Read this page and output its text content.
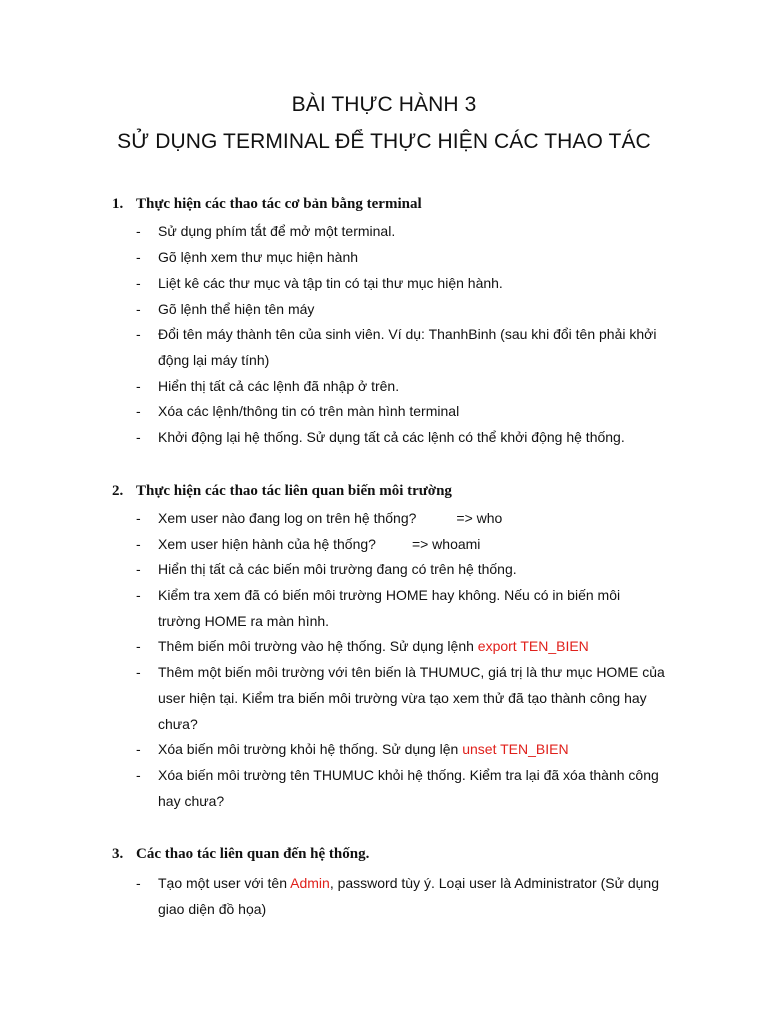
BÀI THỰC HÀNH 3
SỬ DỤNG TERMINAL ĐỂ THỰC HIỆN CÁC THAO TÁC
1. Thực hiện các thao tác cơ bản bằng terminal
- Sử dụng phím tắt để mở một terminal.
- Gõ lệnh xem thư mục hiện hành
- Liệt kê các thư mục và tập tin có tại thư mục hiện hành.
- Gõ lệnh thể hiện tên máy
- Đổi tên máy thành tên của sinh viên. Ví dụ: ThanhBinh (sau khi đổi tên phải khởi động lại máy tính)
- Hiển thị tất cả các lệnh đã nhập ở trên.
- Xóa các lệnh/thông tin có trên màn hình terminal
- Khởi động lại hệ thống. Sử dụng tất cả các lệnh có thể khởi động hệ thống.
2. Thực hiện các thao tác liên quan biến môi trường
- Xem user nào đang log on trên hệ thống?	=> who
- Xem user hiện hành của hệ thống?	=> whoami
- Hiển thị tất cả các biến môi trường đang có trên hệ thống.
- Kiểm tra xem đã có biến môi trường HOME hay không. Nếu có in biến môi trường HOME ra màn hình.
- Thêm biến môi trường vào hệ thống. Sử dụng lệnh export TEN_BIEN
- Thêm một biến môi trường với tên biến là THUMUC, giá trị là thư mục HOME của user hiện tại. Kiểm tra biến môi trường vừa tạo xem thử đã tạo thành công hay chưa?
- Xóa biến môi trường khỏi hệ thống. Sử dụng lện unset TEN_BIEN
- Xóa biến môi trường tên THUMUC khỏi hệ thống. Kiểm tra lại đã xóa thành công hay chưa?
3. Các thao tác liên quan đến hệ thống.
- Tạo một user với tên Admin, password tùy ý. Loại user là Administrator (Sử dụng giao diện đồ họa)
